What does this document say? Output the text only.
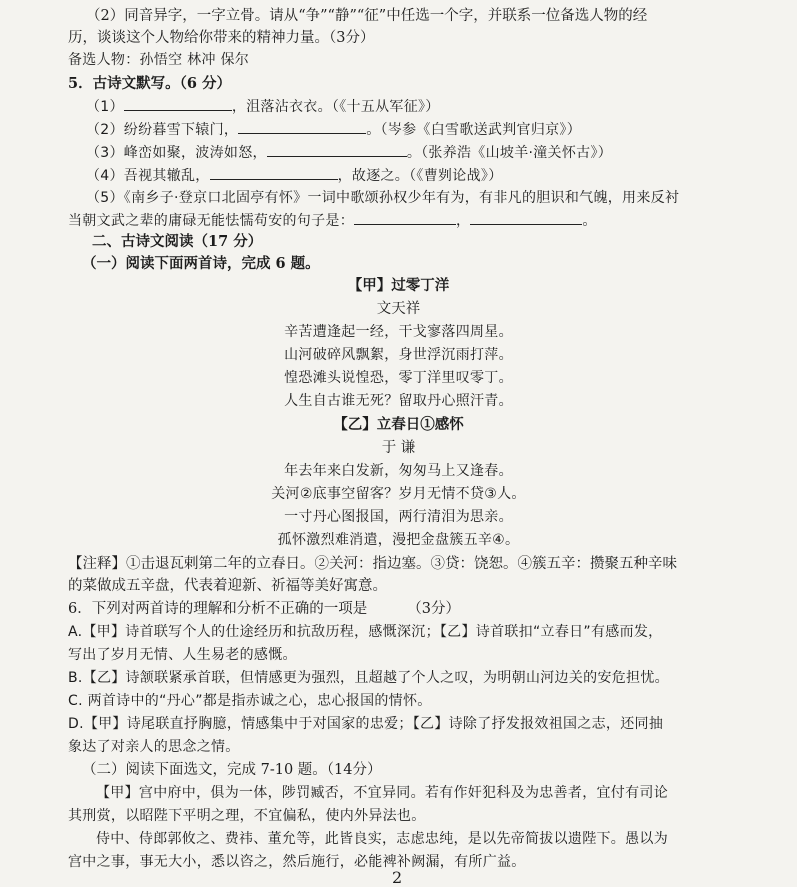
（2）同音异字，一字立骨。请从“争”“静”“征”中任选一个字，并联系一位备选人物的经
历，谈谈这个人物给你带来的精神力量。（3分）
备选人物：孙悟空 林冲 保尔
5．古诗文默写。（6 分）
（1）	，沮落沾衣衣。（《十五从军征》）
（2）纷纷暮雪下辕门，	。（岑参《白雪歌送武判官归京》）
（3）峰峦如聚，波涛如怒，	。（张养浩《山坡羊·潼关怀古》）
（4）吾视其辙乱，	，故逐之。（《曹刿论战》）
（5）《南乡子·登京口北固亭有怀》一词中歌颂孙权少年有为，有非凡的胆识和气魄，用来反衬
当朝文武之辈的庸碌无能怯懦苟安的句子是：	，	。
二、古诗文阅读（17 分）
（一）阅读下面两首诗，完成 6 题。
【甲】过零丁洋
文天祥
辛苦遭逢起一经，干戈寥落四周星。
山河破碎风飘絮，身世浮沉雨打萍。
惶恐滩头说惶恐，零丁洋里叹零丁。
人生自古谁无死？留取丹心照汗青。
【乙】立春日①感怀
于 谦
年去年来白发新，匆匆马上又逢春。
关河②底事空留客？岁月无情不贷③人。
一寸丹心图报国，两行清泪为思亲。
孤怀激烈难消遣，漫把金盘簇五辛④。
【注释】①击退瓦剌第二年的立春日。②关河：指边塞。③贷：饶恕。④簇五辛：攒聚五种辛味
的菜做成五辛盘，代表着迎新、祈福等美好寓意。
6．下列对两首诗的理解和分析不正确的一项是	（3分）
A.【甲】诗首联写个人的仕途经历和抗敌历程，感慨深沉；【乙】诗首联扣“立春日”有感而发，
写出了岁月无情、人生易老的感慨。
B.【乙】诗颔联紧承首联，但情感更为强烈，且超越了个人之叹，为明朝山河边关的安危担忧。
C. 两首诗中的“丹心”都是指赤诚之心，忠心报国的情怀。
D.【甲】诗尾联直抒胸臆，情感集中于对国家的忠爱；【乙】诗除了抒发报效祖国之志，还同抽
象达了对亲人的思念之情。
（二）阅读下面选文，完成 7-10 题。（14分）
【甲】宫中府中，俱为一体，陟罚臧否，不宜异同。若有作奸犯科及为忠善者，宜付有司论
其刑赏，以昭陛下平明之理，不宜偏私，使内外异法也。
侍中、侍郎郭攸之、费祎、董允等，此皆良实，志虑忠纯，是以先帝简拔以遗陛下。愚以为
宫中之事，事无大小，悉以咨之，然后施行，必能裨补阙漏，有所广益。
2
